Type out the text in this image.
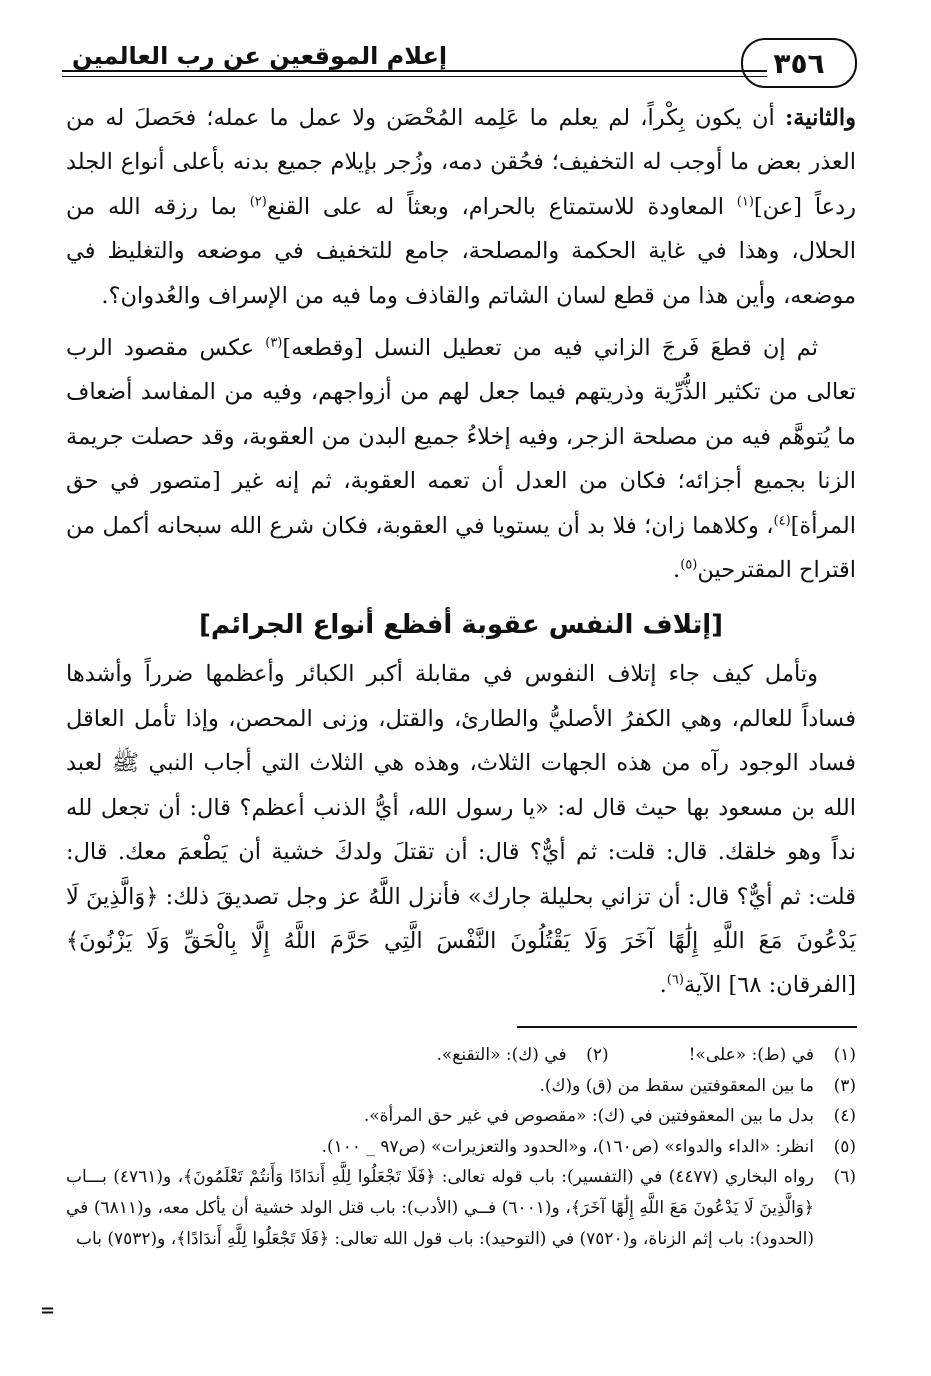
إعلام الموقعين عن رب العالمين	٣٥٦

والثانية: أن يكون بِكْراً، لم يعلم ما عَلِمه المُحْصَن ولا عمل ما عمله؛ فحَصلَ له من العذر بعض ما أوجب له التخفيف؛ فحُقن دمه، وزُجر بإيلام جميع بدنه بأعلى أنواع الجلد ردعاً [عن]$^{(١)}$ المعاودة للاستمتاع بالحرام، وبعثاً له على القنع$^{(٢)}$ بما رزقه الله من الحلال، وهذا في غاية الحكمة والمصلحة، جامع للتخفيف في موضعه والتغليظ في موضعه، وأين هذا من قطع لسان الشاتم والقاذف وما فيه من الإسراف والعُدوان؟.

ثم إن قطعَ فَرجَ الزاني فيه من تعطيل النسل [وقطعه]$^{(٣)}$ عكس مقصود الرب تعالى من تكثير الذُّرِّية وذريتهم فيما جعل لهم من أزواجهم، وفيه من المفاسد أضعاف ما يُتوهَّم فيه من مصلحة الزجر، وفيه إخلاءُ جميع البدن من العقوبة، وقد حصلت جريمة الزنا بجميع أجزائه؛ فكان من العدل أن تعمه العقوبة، ثم إنه غير [متصور في حق المرأة]$^{(٤)}$، وكلاهما زان؛ فلا بد أن يستويا في العقوبة، فكان شرع الله سبحانه أكمل من اقتراح المقترحين$^{(٥)}$.

[إتلاف النفس عقوبة أفظع أنواع الجرائم]

وتأمل كيف جاء إتلاف النفوس في مقابلة أكبر الكبائر وأعظمها ضرراً وأشدها فساداً للعالم، وهي الكفرُ الأصليُّ والطارئ، والقتل، وزنى المحصن، وإذا تأمل العاقل فساد الوجود رآه من هذه الجهات الثلاث، وهذه هي الثلاث التي أجاب النبي ﷺ لعبد الله بن مسعود بها حيث قال له: «يا رسول الله، أيُّ الذنب أعظم؟ قال: أن تجعل لله نداً وهو خلقك. قال: قلت: ثم أيٌّ؟ قال: أن تقتلَ ولدكَ خشية أن يَطْعمَ معك. قال: قلت: ثم أيٌّ؟ قال: أن تزاني بحليلة جارك» فأنزل اللَّهُ عز وجل تصديقَ ذلك: ﴿وَالَّذِينَ لَا يَدْعُونَ مَعَ اللَّهِ إِلَٰهًا آخَرَ وَلَا يَقْتُلُونَ النَّفْسَ الَّتِي حَرَّمَ اللَّهُ إِلَّا بِالْحَقِّ وَلَا يَزْنُونَ﴾ [الفرقان: ٦٨] الآية$^{(٦)}$.

(١)
في (ط): «على»!
(٢)
في (ك): «التقنع».
(٣)
ما بين المعقوفتين سقط من (ق) و(ك).
(٤)
بدل ما بين المعقوفتين في (ك): «مقصوص في غير حق المرأة».
(٥)
انظر: «الداء والدواء» (ص١٦٠)، و«الحدود والتعزيرات» (ص٩٧ _ ١٠٠).
(٦)
رواه البخاري (٤٤٧٧) في (التفسير): باب قوله تعالى: ﴿فَلَا تَجْعَلُوا لِلَّهِ أَندَادًا وَأَنتُمْ تَعْلَمُونَ﴾، و(٤٧٦١) بـــاب ﴿وَالَّذِينَ لَا يَدْعُونَ مَعَ اللَّهِ إِلَٰهًا آخَرَ﴾، و(٦٠٠١) فــي (الأدب): باب قتل الولد خشية أن يأكل معه، و(٦٨١١) في (الحدود): باب إثم الزناة، و(٧٥٢٠) في (التوحيد): باب قول الله تعالى: ﴿فَلَا تَجْعَلُوا لِلَّهِ أَندَادًا﴾، و(٧٥٣٢) باب
=
